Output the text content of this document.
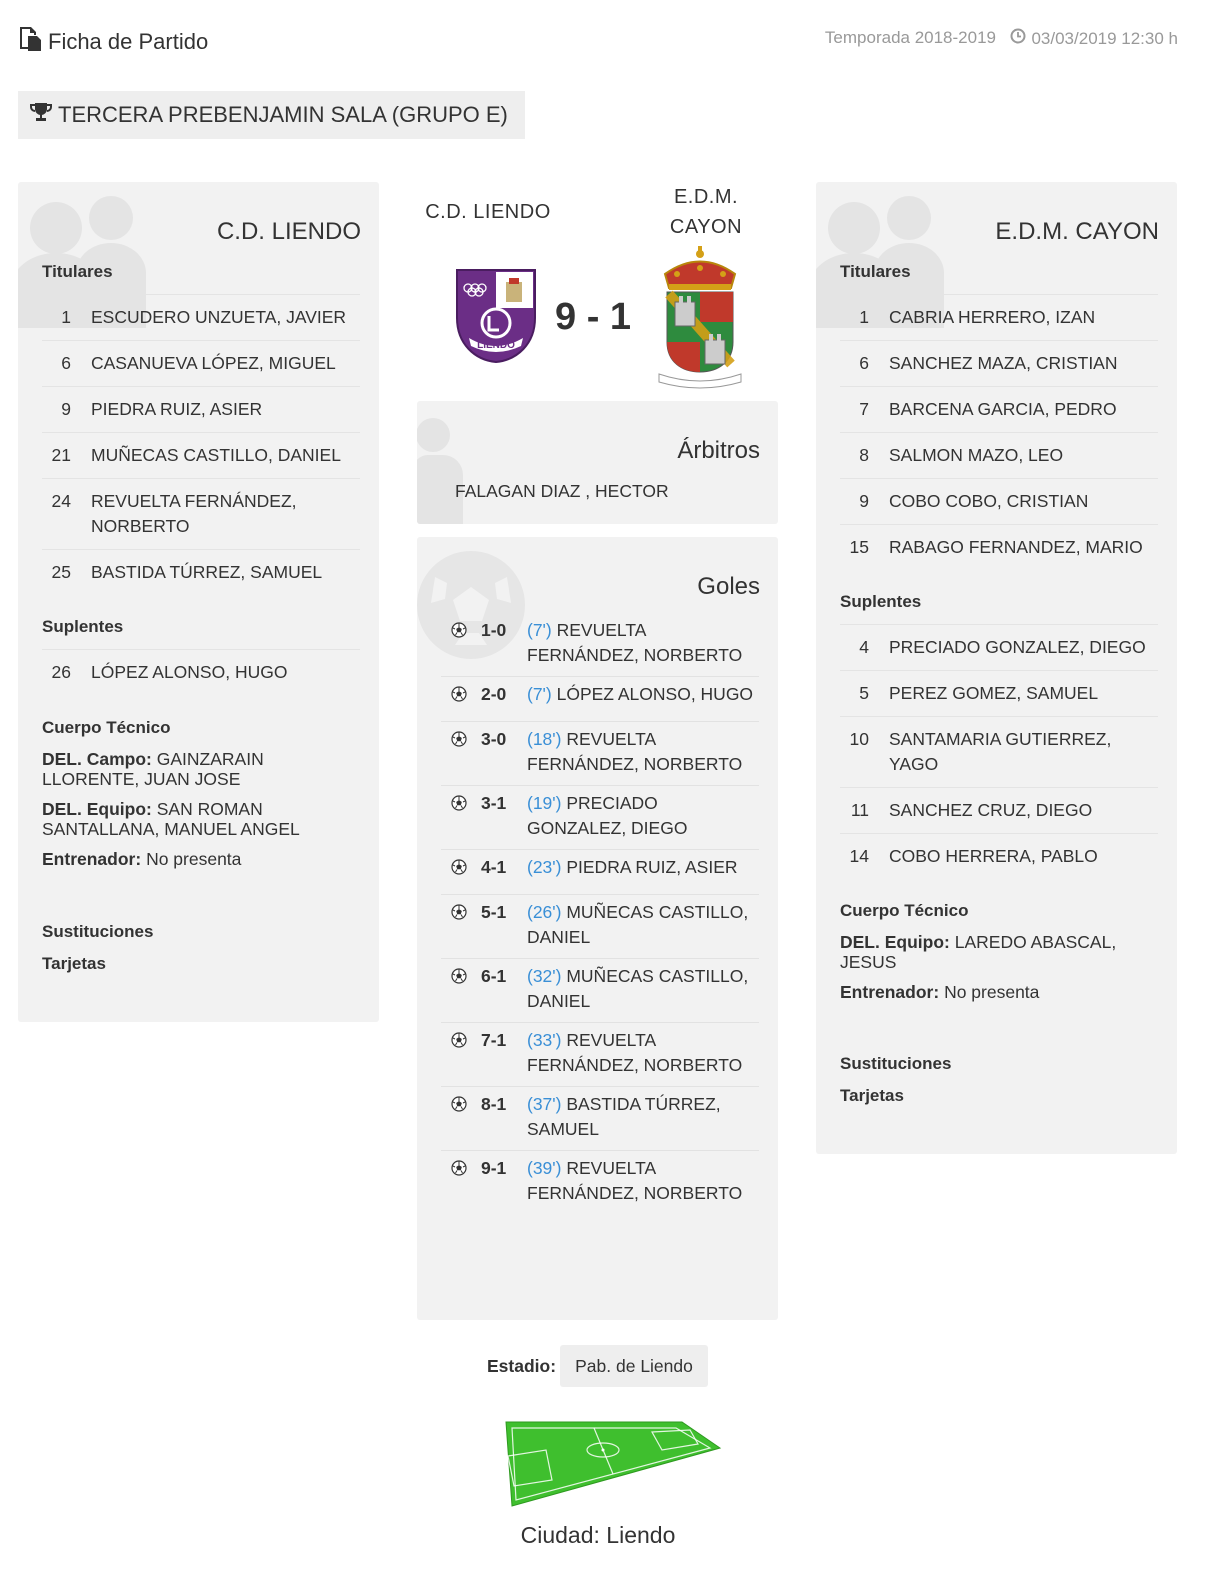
Ficha de Partido	Temporada 2018-2019 03/03/2019 12:30 h
TERCERA PREBENJAMIN SALA (GRUPO E)
C.D. LIENDO
Titulares
1	ESCUDERO UNZUETA, JAVIER
6	CASANUEVA LÓPEZ, MIGUEL
9	PIEDRA RUIZ, ASIER
21	MUÑECAS CASTILLO, DANIEL
24	REVUELTA FERNÁNDEZ, NORBERTO
25	BASTIDA TÚRREZ, SAMUEL
Suplentes
26	LÓPEZ ALONSO, HUGO
Cuerpo Técnico
DEL. Campo: GAINZARAIN LLORENTE, JUAN JOSE
DEL. Equipo: SAN ROMAN SANTALLANA, MANUEL ANGEL
Entrenador: No presenta
Sustituciones
Tarjetas
C.D. LIENDO
E.D.M.
CAYON
LIENDO
9 - 1
Árbitros
FALAGAN DIAZ , HECTOR
Goles
1-0	(7') REVUELTA FERNÁNDEZ, NORBERTO
2-0	(7') LÓPEZ ALONSO, HUGO
3-0	(18') REVUELTA FERNÁNDEZ, NORBERTO
3-1	(19') PRECIADO GONZALEZ, DIEGO
4-1	(23') PIEDRA RUIZ, ASIER
5-1	(26') MUÑECAS CASTILLO, DANIEL
6-1	(32') MUÑECAS CASTILLO, DANIEL
7-1	(33') REVUELTA FERNÁNDEZ, NORBERTO
8-1	(37') BASTIDA TÚRREZ, SAMUEL
9-1	(39') REVUELTA FERNÁNDEZ, NORBERTO
E.D.M. CAYON
Titulares
1	CABRIA HERRERO, IZAN
6	SANCHEZ MAZA, CRISTIAN
7	BARCENA GARCIA, PEDRO
8	SALMON MAZO, LEO
9	COBO COBO, CRISTIAN
15	RABAGO FERNANDEZ, MARIO
Suplentes
4	PRECIADO GONZALEZ, DIEGO
5	PEREZ GOMEZ, SAMUEL
10	SANTAMARIA GUTIERREZ, YAGO
11	SANCHEZ CRUZ, DIEGO
14	COBO HERRERA, PABLO
Cuerpo Técnico
DEL. Equipo: LAREDO ABASCAL, JESUS
Entrenador: No presenta
Sustituciones
Tarjetas
Estadio:	Pab. de Liendo
Ciudad: Liendo
